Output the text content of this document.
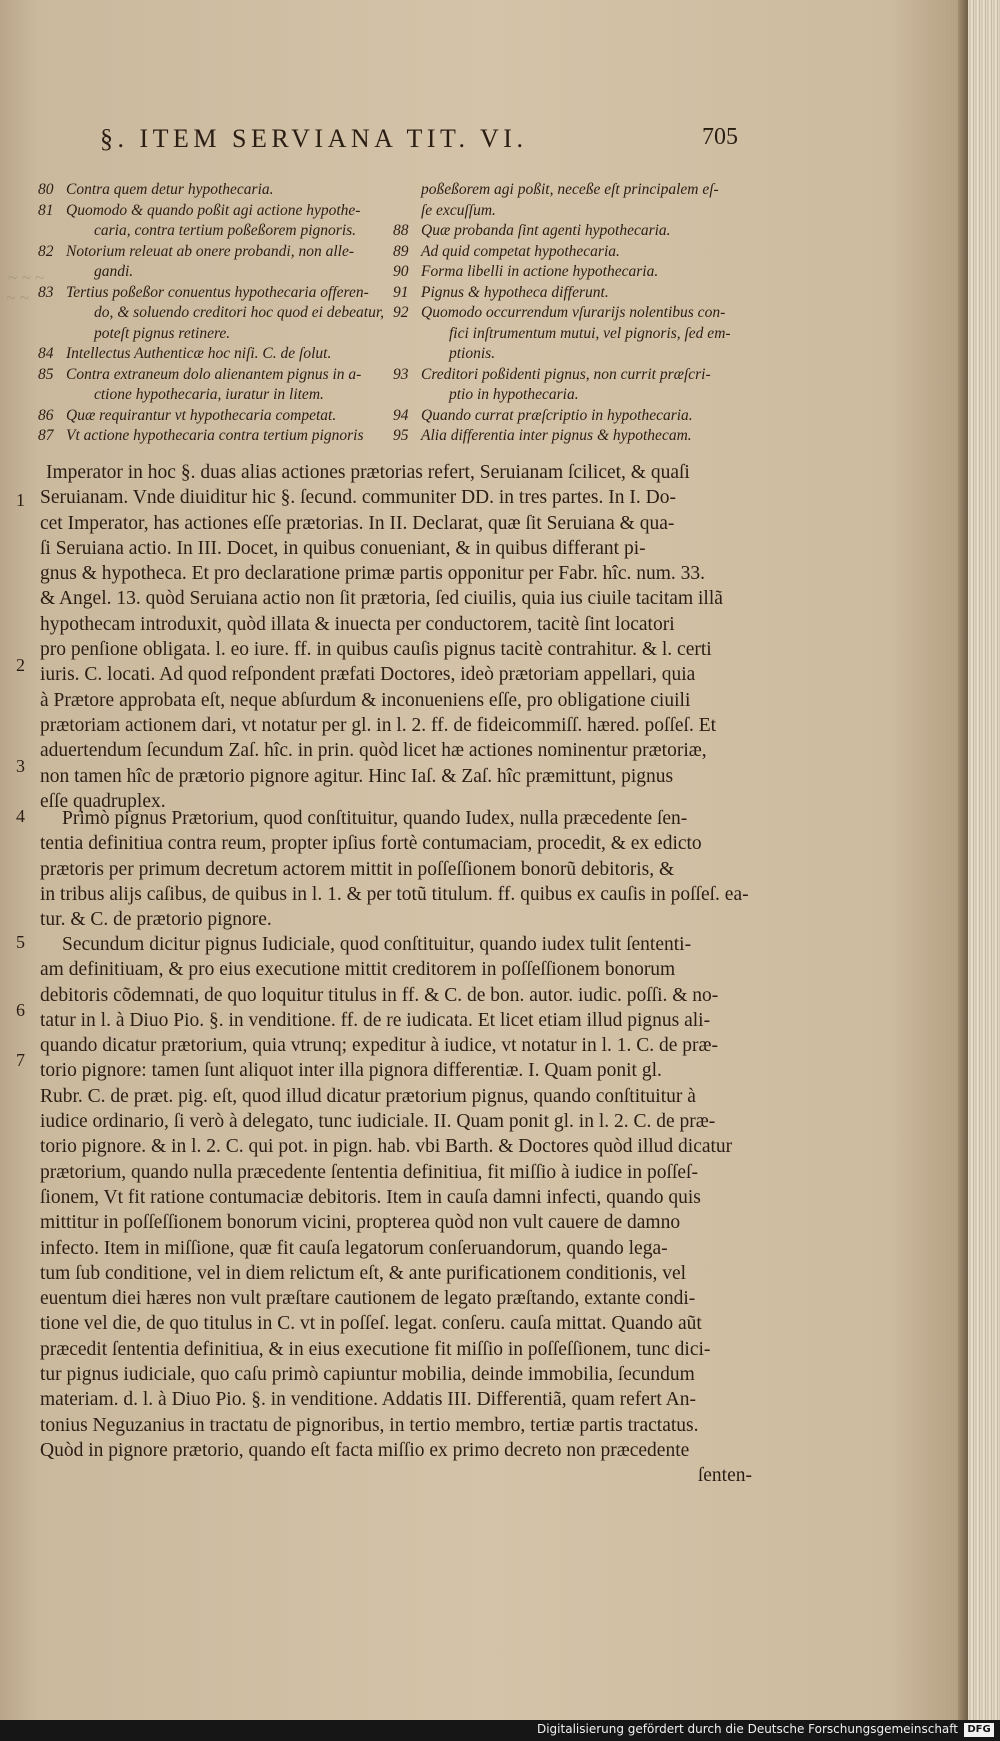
~ ~ ~
~ ~
§. ITEM SERVIANA TIT. VI.	705
80 Contra quem detur hypothecaria.
81 Quomodo & quando poßit agi actione hypothe-
caria, contra tertium poßeßorem pignoris.
82 Notorium releuat ab onere probandi, non alle-
gandi.
83 Tertius poßeßor conuentus hypothecaria offeren-
do, & soluendo creditori hoc quod ei debeatur,
poteſt pignus retinere.
84 Intellectus Authenticæ hoc niſi. C. de ſolut.
85 Contra extraneum dolo alienantem pignus in a-
ctione hypothecaria, iuratur in litem.
86 Quæ requirantur vt hypothecaria competat.
87 Vt actione hypothecaria contra tertium pignoris
poßeßorem agi poßit, neceße eſt principalem eſ-
ſe excuſſum.
88 Quæ probanda ſint agenti hypothecaria.
89 Ad quid competat hypothecaria.
90 Forma libelli in actione hypothecaria.
91 Pignus & hypotheca differunt.
92 Quomodo occurrendum vſurarijs nolentibus con-
fici inſtrumentum mutui, vel pignoris, ſed em-
ptionis.
93 Creditori poßidenti pignus, non currit præſcri-
ptio in hypothecaria.
94 Quando currat præſcriptio in hypothecaria.
95 Alia differentia inter pignus & hypothecam.
1
2
3
4
5
6
7
Imperator in hoc §. duas alias actiones prætorias refert, Seruianam ſcilicet, & quaſi
Seruianam. Vnde diuiditur hic §. ſecund. communiter DD. in tres partes. In I. Do-
cet Imperator, has actiones eſſe prætorias. In II. Declarat, quæ ſit Seruiana & qua-
ſi Seruiana actio. In III. Docet, in quibus conueniant, & in quibus differant pi-
gnus & hypotheca. Et pro declaratione primæ partis opponitur per Fabr. hîc. num. 33.
& Angel. 13. quòd Seruiana actio non ſit prætoria, ſed ciuilis, quia ius ciuile tacitam illã
hypothecam introduxit, quòd illata & inuecta per conductorem, tacitè ſint locatori
pro penſione obligata. l. eo iure. ff. in quibus cauſis pignus tacitè contrahitur. & l. certi
iuris. C. locati. Ad quod reſpondent præfati Doctores, ideò prætoriam appellari, quia
à Prætore approbata eſt, neque abſurdum & inconueniens eſſe, pro obligatione ciuili
prætoriam actionem dari, vt notatur per gl. in l. 2. ff. de fideicommiſſ. hæred. poſſeſ. Et
aduertendum ſecundum Zaſ. hîc. in prin. quòd licet hæ actiones nominentur prætoriæ,
non tamen hîc de prætorio pignore agitur. Hinc Iaſ. & Zaſ. hîc præmittunt, pignus
eſſe quadruplex.
Primò pignus Prætorium, quod conſtituitur, quando Iudex, nulla præcedente ſen-
tentia definitiua contra reum, propter ipſius fortè contumaciam, procedit, & ex edicto
prætoris per primum decretum actorem mittit in poſſeſſionem bonorũ debitoris, &
in tribus alijs caſibus, de quibus in l. 1. & per totũ titulum. ff. quibus ex cauſis in poſſeſ. ea-
tur. & C. de prætorio pignore.
Secundum dicitur pignus Iudiciale, quod conſtituitur, quando iudex tulit ſententi-
am definitiuam, & pro eius executione mittit creditorem in poſſeſſionem bonorum
debitoris cõdemnati, de quo loquitur titulus in ff. & C. de bon. autor. iudic. poſſi. & no-
tatur in l. à Diuo Pio. §. in venditione. ff. de re iudicata. Et licet etiam illud pignus ali-
quando dicatur prætorium, quia vtrunq; expeditur à iudice, vt notatur in l. 1. C. de præ-
torio pignore: tamen ſunt aliquot inter illa pignora differentiæ. I. Quam ponit gl.
Rubr. C. de præt. pig. eſt, quod illud dicatur prætorium pignus, quando conſtituitur à
iudice ordinario, ſi verò à delegato, tunc iudiciale. II. Quam ponit gl. in l. 2. C. de præ-
torio pignore. & in l. 2. C. qui pot. in pign. hab. vbi Barth. & Doctores quòd illud dicatur
prætorium, quando nulla præcedente ſententia definitiua, fit miſſio à iudice in poſſeſ-
ſionem, Vt fit ratione contumaciæ debitoris. Item in cauſa damni infecti, quando quis
mittitur in poſſeſſionem bonorum vicini, propterea quòd non vult cauere de damno
infecto. Item in miſſione, quæ fit cauſa legatorum conſeruandorum, quando lega-
tum ſub conditione, vel in diem relictum eſt, & ante purificationem conditionis, vel
euentum diei hæres non vult præſtare cautionem de legato præſtando, extante condi-
tione vel die, de quo titulus in C. vt in poſſeſ. legat. conſeru. cauſa mittat. Quando aũt
præcedit ſententia definitiua, & in eius executione fit miſſio in poſſeſſionem, tunc dici-
tur pignus iudiciale, quo caſu primò capiuntur mobilia, deinde immobilia, ſecundum
materiam. d. l. à Diuo Pio. §. in venditione. Addatis III. Differentiã, quam refert An-
tonius Neguzanius in tractatu de pignoribus, in tertio membro, tertiæ partis tractatus.
Quòd in pignore prætorio, quando eſt facta miſſio ex primo decreto non præcedente
ſenten-
Digitalisierung gefördert durch die Deutsche Forschungsgemeinschaft DFG
